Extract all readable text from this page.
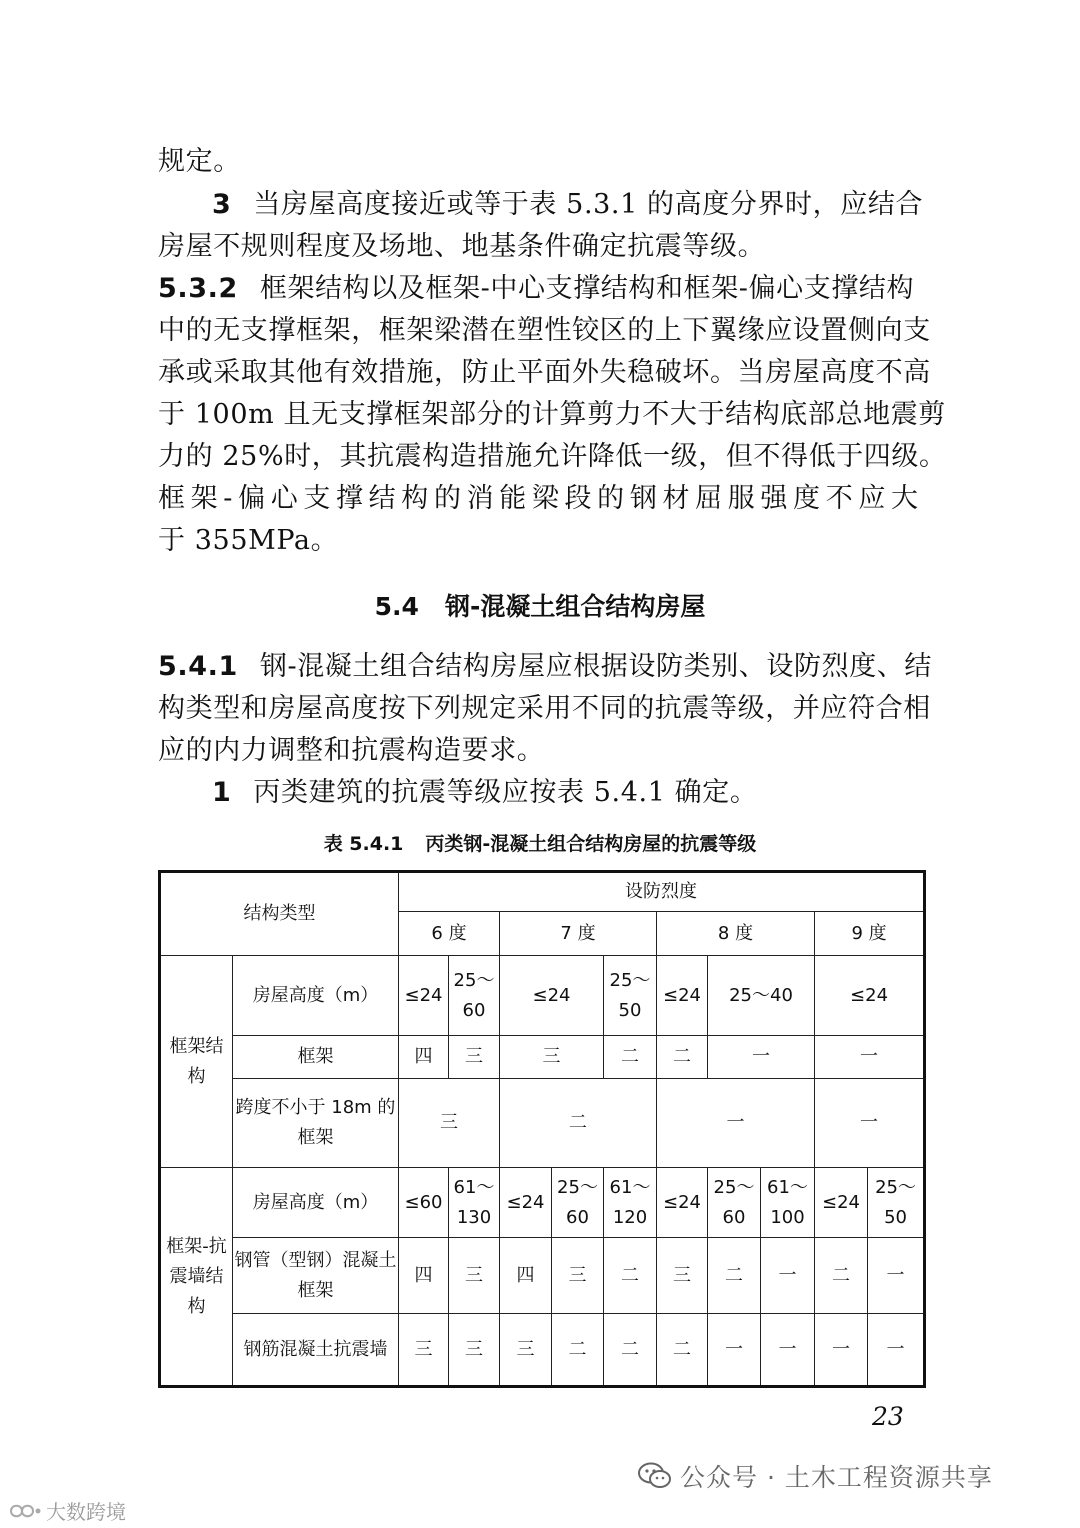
规定。
3 当房屋高度接近或等于表 5.3.1 的高度分界时，应结合
房屋不规则程度及场地、地基条件确定抗震等级。
5.3.2 框架结构以及框架-中心支撑结构和框架-偏心支撑结构
中的无支撑框架，框架梁潜在塑性铰区的上下翼缘应设置侧向支
承或采取其他有效措施，防止平面外失稳破坏。当房屋高度不高
于 100m 且无支撑框架部分的计算剪力不大于结构底部总地震剪
力的 25%时，其抗震构造措施允许降低一级，但不得低于四级。
框架-偏心支撑结构的消能梁段的钢材屈服强度不应大
于 355MPa。
5.4 钢-混凝土组合结构房屋
5.4.1 钢-混凝土组合结构房屋应根据设防类别、设防烈度、结
构类型和房屋高度按下列规定采用不同的抗震等级，并应符合相
应的内力调整和抗震构造要求。
1 丙类建筑的抗震等级应按表 5.4.1 确定。
表 5.4.1 丙类钢-混凝土组合结构房屋的抗震等级
结构类型		设防烈度									
		6 度		7 度			8 度			9 度	
框架结构	房屋高度（m）	≤24	25～60	≤24		25～50	≤24	25～40		≤24	
	框架	四	三	三		二	二	一		一	
	跨度不小于 18m 的框架	三		二			一			一	
框架-抗震墙结构	房屋高度（m）	≤60	61～130	≤24	25～60	61～120	≤24	25～60	61～100	≤24	25～50
	钢管（型钢）混凝土框架	四	三	四	三	二	三	二	一	二	一
	钢筋混凝土抗震墙	三	三	三	二	二	二	一	一	一	一
23
公众号 · 土木工程资源共享
大数跨境
